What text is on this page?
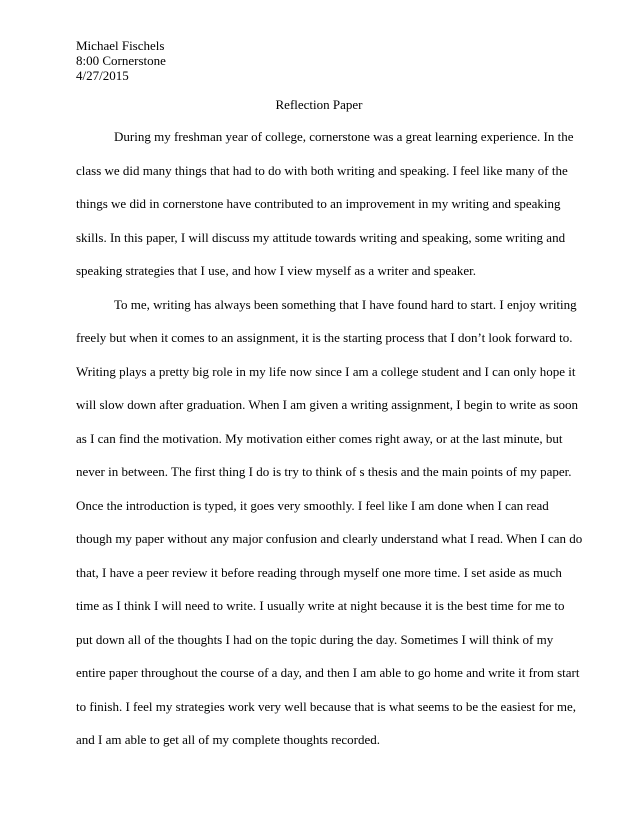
Michael Fischels
8:00 Cornerstone
4/27/2015
Reflection Paper
During my freshman year of college, cornerstone was a great learning experience. In the
class we did many things that had to do with both writing and speaking. I feel like many of the
things we did in cornerstone have contributed to an improvement in my writing and speaking
skills. In this paper, I will discuss my attitude towards writing and speaking, some writing and
speaking strategies that I use, and how I view myself as a writer and speaker.
To me, writing has always been something that I have found hard to start. I enjoy writing
freely but when it comes to an assignment, it is the starting process that I don’t look forward to.
Writing plays a pretty big role in my life now since I am a college student and I can only hope it
will slow down after graduation. When I am given a writing assignment, I begin to write as soon
as I can find the motivation. My motivation either comes right away, or at the last minute, but
never in between. The first thing I do is try to think of s thesis and the main points of my paper.
Once the introduction is typed, it goes very smoothly. I feel like I am done when I can read
though my paper without any major confusion and clearly understand what I read. When I can do
that, I have a peer review it before reading through myself one more time. I set aside as much
time as I think I will need to write. I usually write at night because it is the best time for me to
put down all of the thoughts I had on the topic during the day. Sometimes I will think of my
entire paper throughout the course of a day, and then I am able to go home and write it from start
to finish. I feel my strategies work very well because that is what seems to be the easiest for me,
and I am able to get all of my complete thoughts recorded.
